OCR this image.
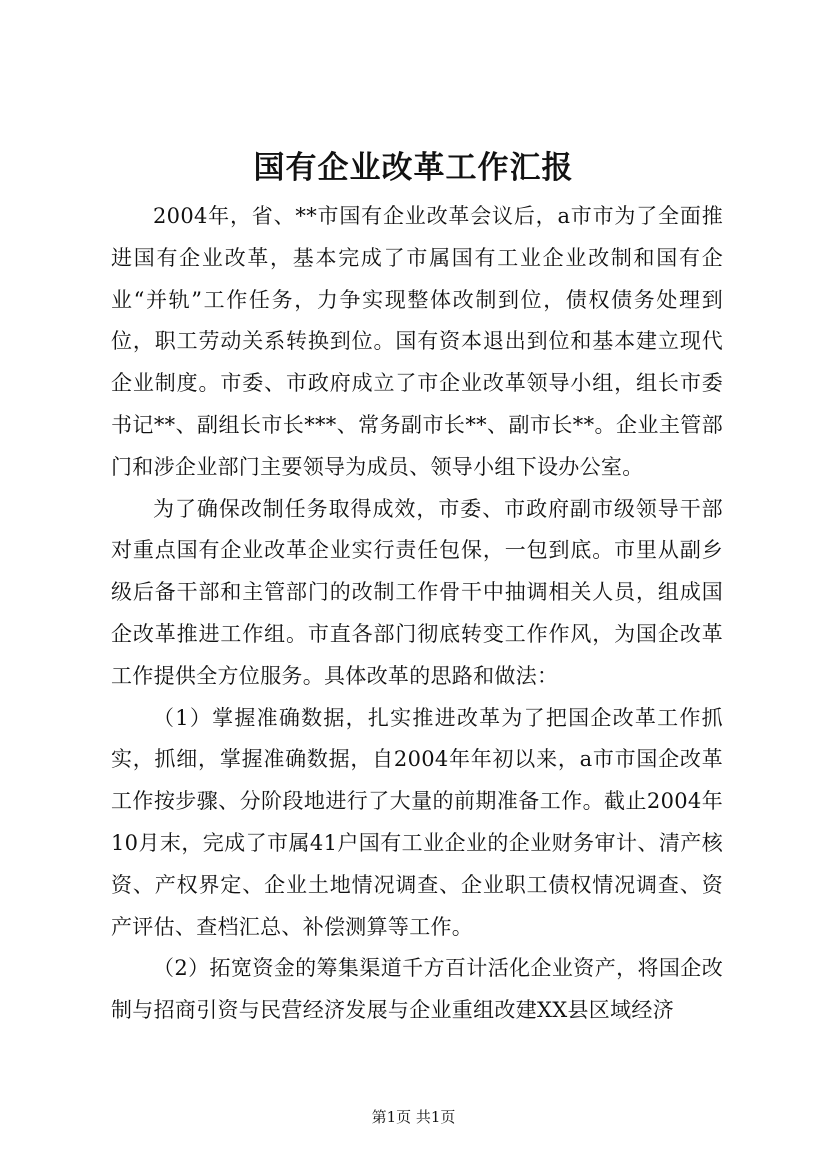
国有企业改革工作汇报

2004年，省、**市国有企业改革会议后，a市市为了全面推进国有企业改革，基本完成了市属国有工业企业改制和国有企业“并轨”工作任务，力争实现整体改制到位，债权债务处理到位，职工劳动关系转换到位。国有资本退出到位和基本建立现代企业制度。市委、市政府成立了市企业改革领导小组，组长市委书记**、副组长市长***、常务副市长**、副市长**。企业主管部门和涉企业部门主要领导为成员、领导小组下设办公室。

为了确保改制任务取得成效，市委、市政府副市级领导干部对重点国有企业改革企业实行责任包保，一包到底。市里从副乡级后备干部和主管部门的改制工作骨干中抽调相关人员，组成国企改革推进工作组。市直各部门彻底转变工作作风，为国企改革工作提供全方位服务。具体改革的思路和做法：

（1）掌握准确数据，扎实推进改革为了把国企改革工作抓实，抓细，掌握准确数据，自2004年年初以来，a市市国企改革工作按步骤、分阶段地进行了大量的前期准备工作。截止2004年10月末，完成了市属41户国有工业企业的企业财务审计、清产核资、产权界定、企业土地情况调查、企业职工债权情况调查、资产评估、查档汇总、补偿测算等工作。

（2）拓宽资金的筹集渠道千方百计活化企业资产，将国企改制与招商引资与民营经济发展与企业重组改建XX县区域经济

第1页 共1页
